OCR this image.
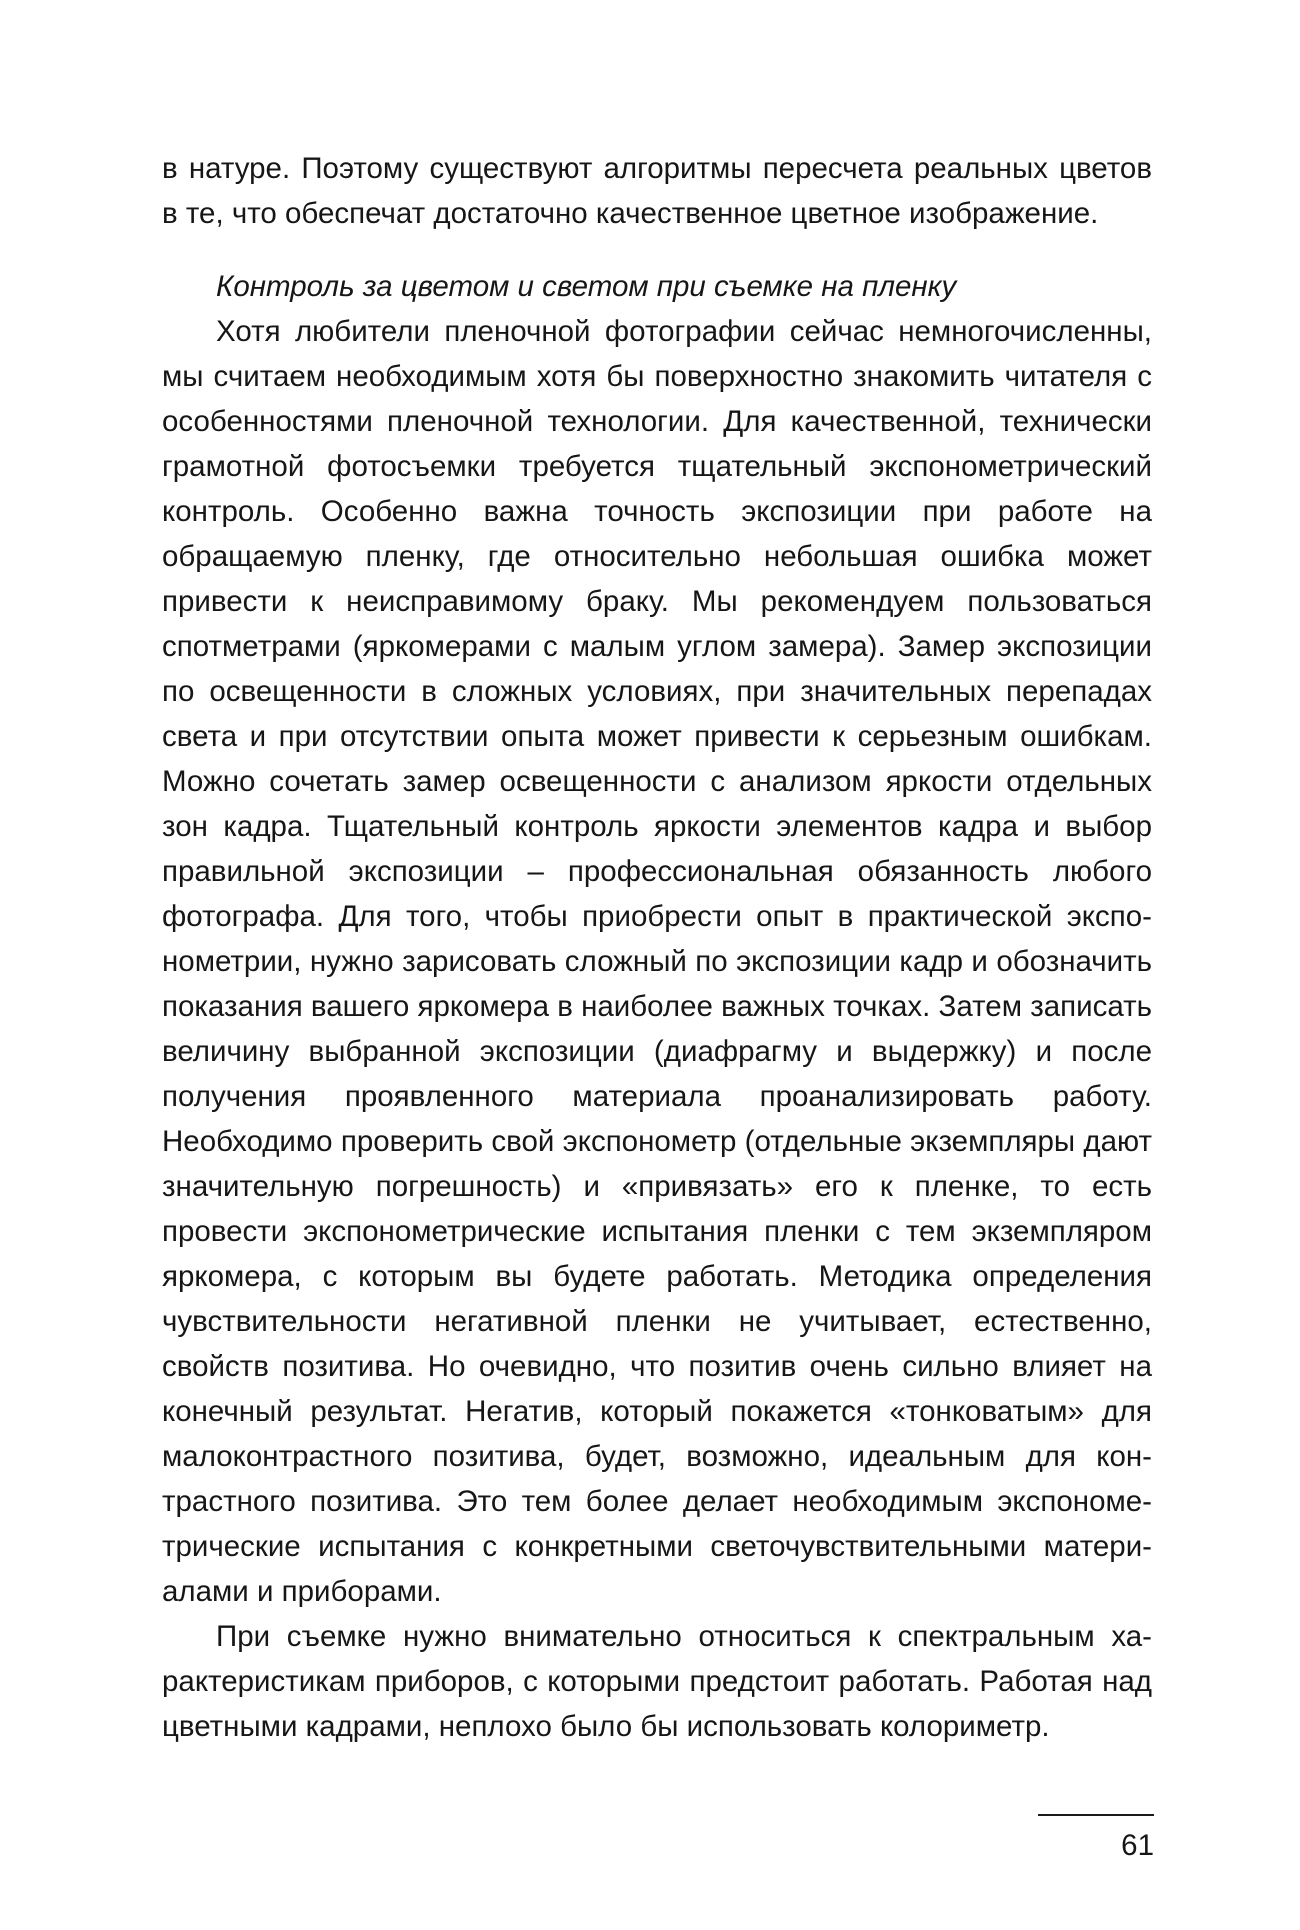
в натуре. Поэтому существуют алгоритмы пересчета реальных цветов в те, что обеспечат достаточно качественное цветное изображение.

Контроль за цветом и светом при съемке на пленку

Хотя любители пленочной фотографии сейчас немногочисленны, мы считаем необходимым хотя бы поверхностно знакомить читателя с особенностями пленочной технологии. Для качественной, технически грамотной фотосъемки требуется тщательный экспонометрический контроль. Особенно важна точность экспозиции при работе на обращаемую пленку, где относительно небольшая ошибка может привести к неисправимому браку. Мы рекомендуем пользоваться спотметрами (яркомерами с малым углом замера). Замер экспозиции по освещенности в сложных условиях, при значительных перепадах света и при отсутствии опыта может привести к серьезным ошибкам. Можно сочетать замер освещенности с анализом яркости отдельных зон кадра. Тщательный контроль яркости элементов кадра и выбор правильной экспозиции – профессиональная обязанность любого фотографа. Для того, чтобы приобрести опыт в практической экспонометрии, нужно зарисовать сложный по экспозиции кадр и обозначить показания вашего яркомера в наиболее важных точках. Затем записать величину выбранной экспозиции (диафрагму и выдержку) и после получения проявленного материала проанализировать работу. Необходимо проверить свой экспонометр (отдельные экземпляры дают значительную погрешность) и «привязать» его к пленке, то есть провести экспонометрические испытания пленки с тем экземпляром яркомера, с которым вы будете работать. Методика определения чувствительности негативной пленки не учитывает, естественно, свойств позитива. Но очевидно, что позитив очень сильно влияет на конечный результат. Негатив, который покажется «тонковатым» для малоконтрастного позитива, будет, возможно, идеальным для контрастного позитива. Это тем более делает необходимым экспонометрические испытания с конкретными светочувствительными материалами и приборами.

При съемке нужно внимательно относиться к спектральным характеристикам приборов, с которыми предстоит работать. Работая над цветными кадрами, неплохо было бы использовать колориметр.

61
